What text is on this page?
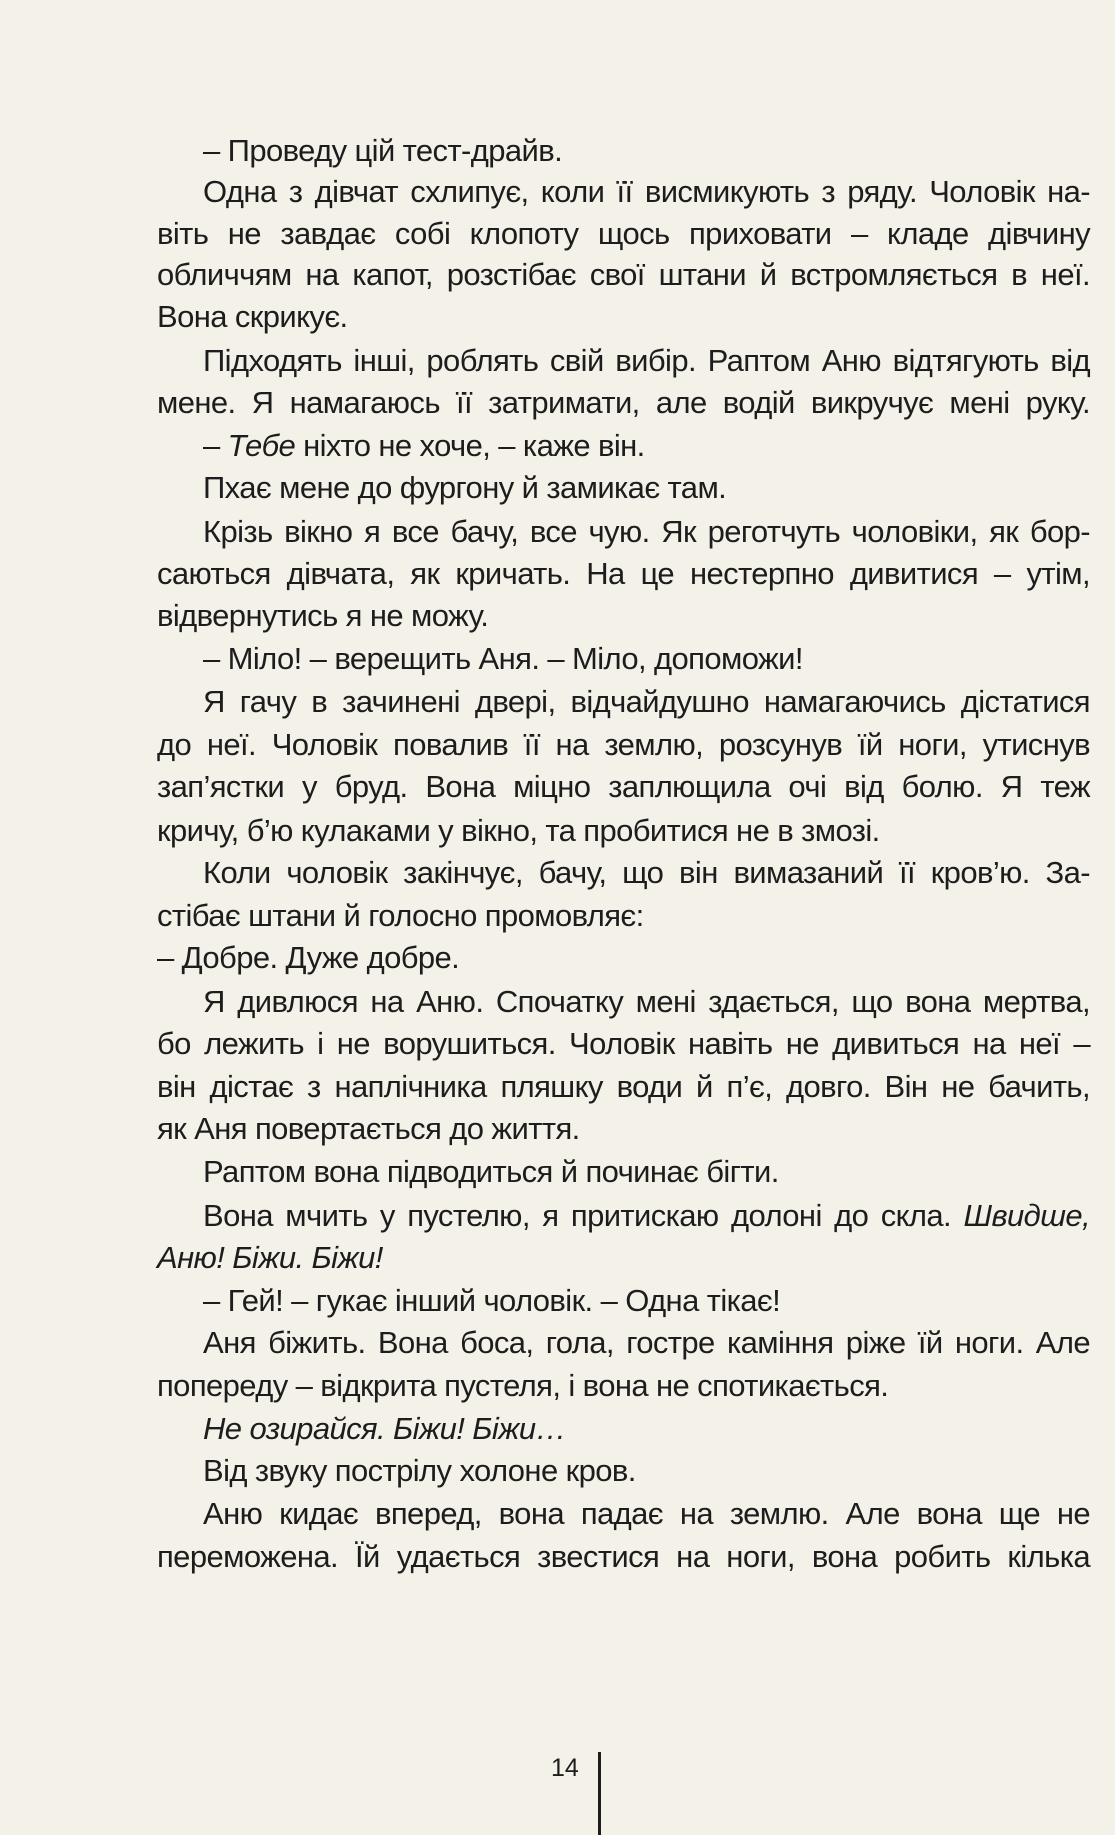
– Проведу цій тест-драйв.
Одна з дівчат схлипує, коли її висмикують з ряду. Чоловік на-
віть не завдає собі клопоту щось приховати – кладе дівчину
обличчям на капот, розстібає свої штани й встромляється в неї.
Вона скрикує.
Підходять інші, роблять свій вибір. Раптом Аню відтягують від
мене. Я намагаюсь її затримати, але водій викручує мені руку.
– Тебе ніхто не хоче, – каже він.
Пхає мене до фургону й замикає там.
Крізь вікно я все бачу, все чую. Як реготчуть чоловіки, як бор-
саються дівчата, як кричать. На це нестерпно дивитися – утім,
відвернутись я не можу.
– Міло! – верещить Аня. – Міло, допоможи!
Я гачу в зачинені двері, відчайдушно намагаючись дістатися
до неї. Чоловік повалив її на землю, розсунув їй ноги, утиснув
зап’ястки у бруд. Вона міцно заплющила очі від болю. Я теж
кричу, б’ю кулаками у вікно, та пробитися не в змозі.
Коли чоловік закінчує, бачу, що він вимазаний її кров’ю. За-
стібає штани й голосно промовляє:
– Добре. Дуже добре.
Я дивлюся на Аню. Спочатку мені здається, що вона мертва,
бо лежить і не ворушиться. Чоловік навіть не дивиться на неї –
він дістає з наплічника пляшку води й п’є, довго. Він не бачить,
як Аня повертається до життя.
Раптом вона підводиться й починає бігти.
Вона мчить у пустелю, я притискаю долоні до скла. Швидше,
Аню! Біжи. Біжи!
– Гей! – гукає інший чоловік. – Одна тікає!
Аня біжить. Вона боса, гола, гостре каміння ріже їй ноги. Але
попереду – відкрита пустеля, і вона не спотикається.
Не озирайся. Біжи! Біжи…
Від звуку пострілу холоне кров.
Аню кидає вперед, вона падає на землю. Але вона ще не
переможена. Їй удається звестися на ноги, вона робить кілька
14
